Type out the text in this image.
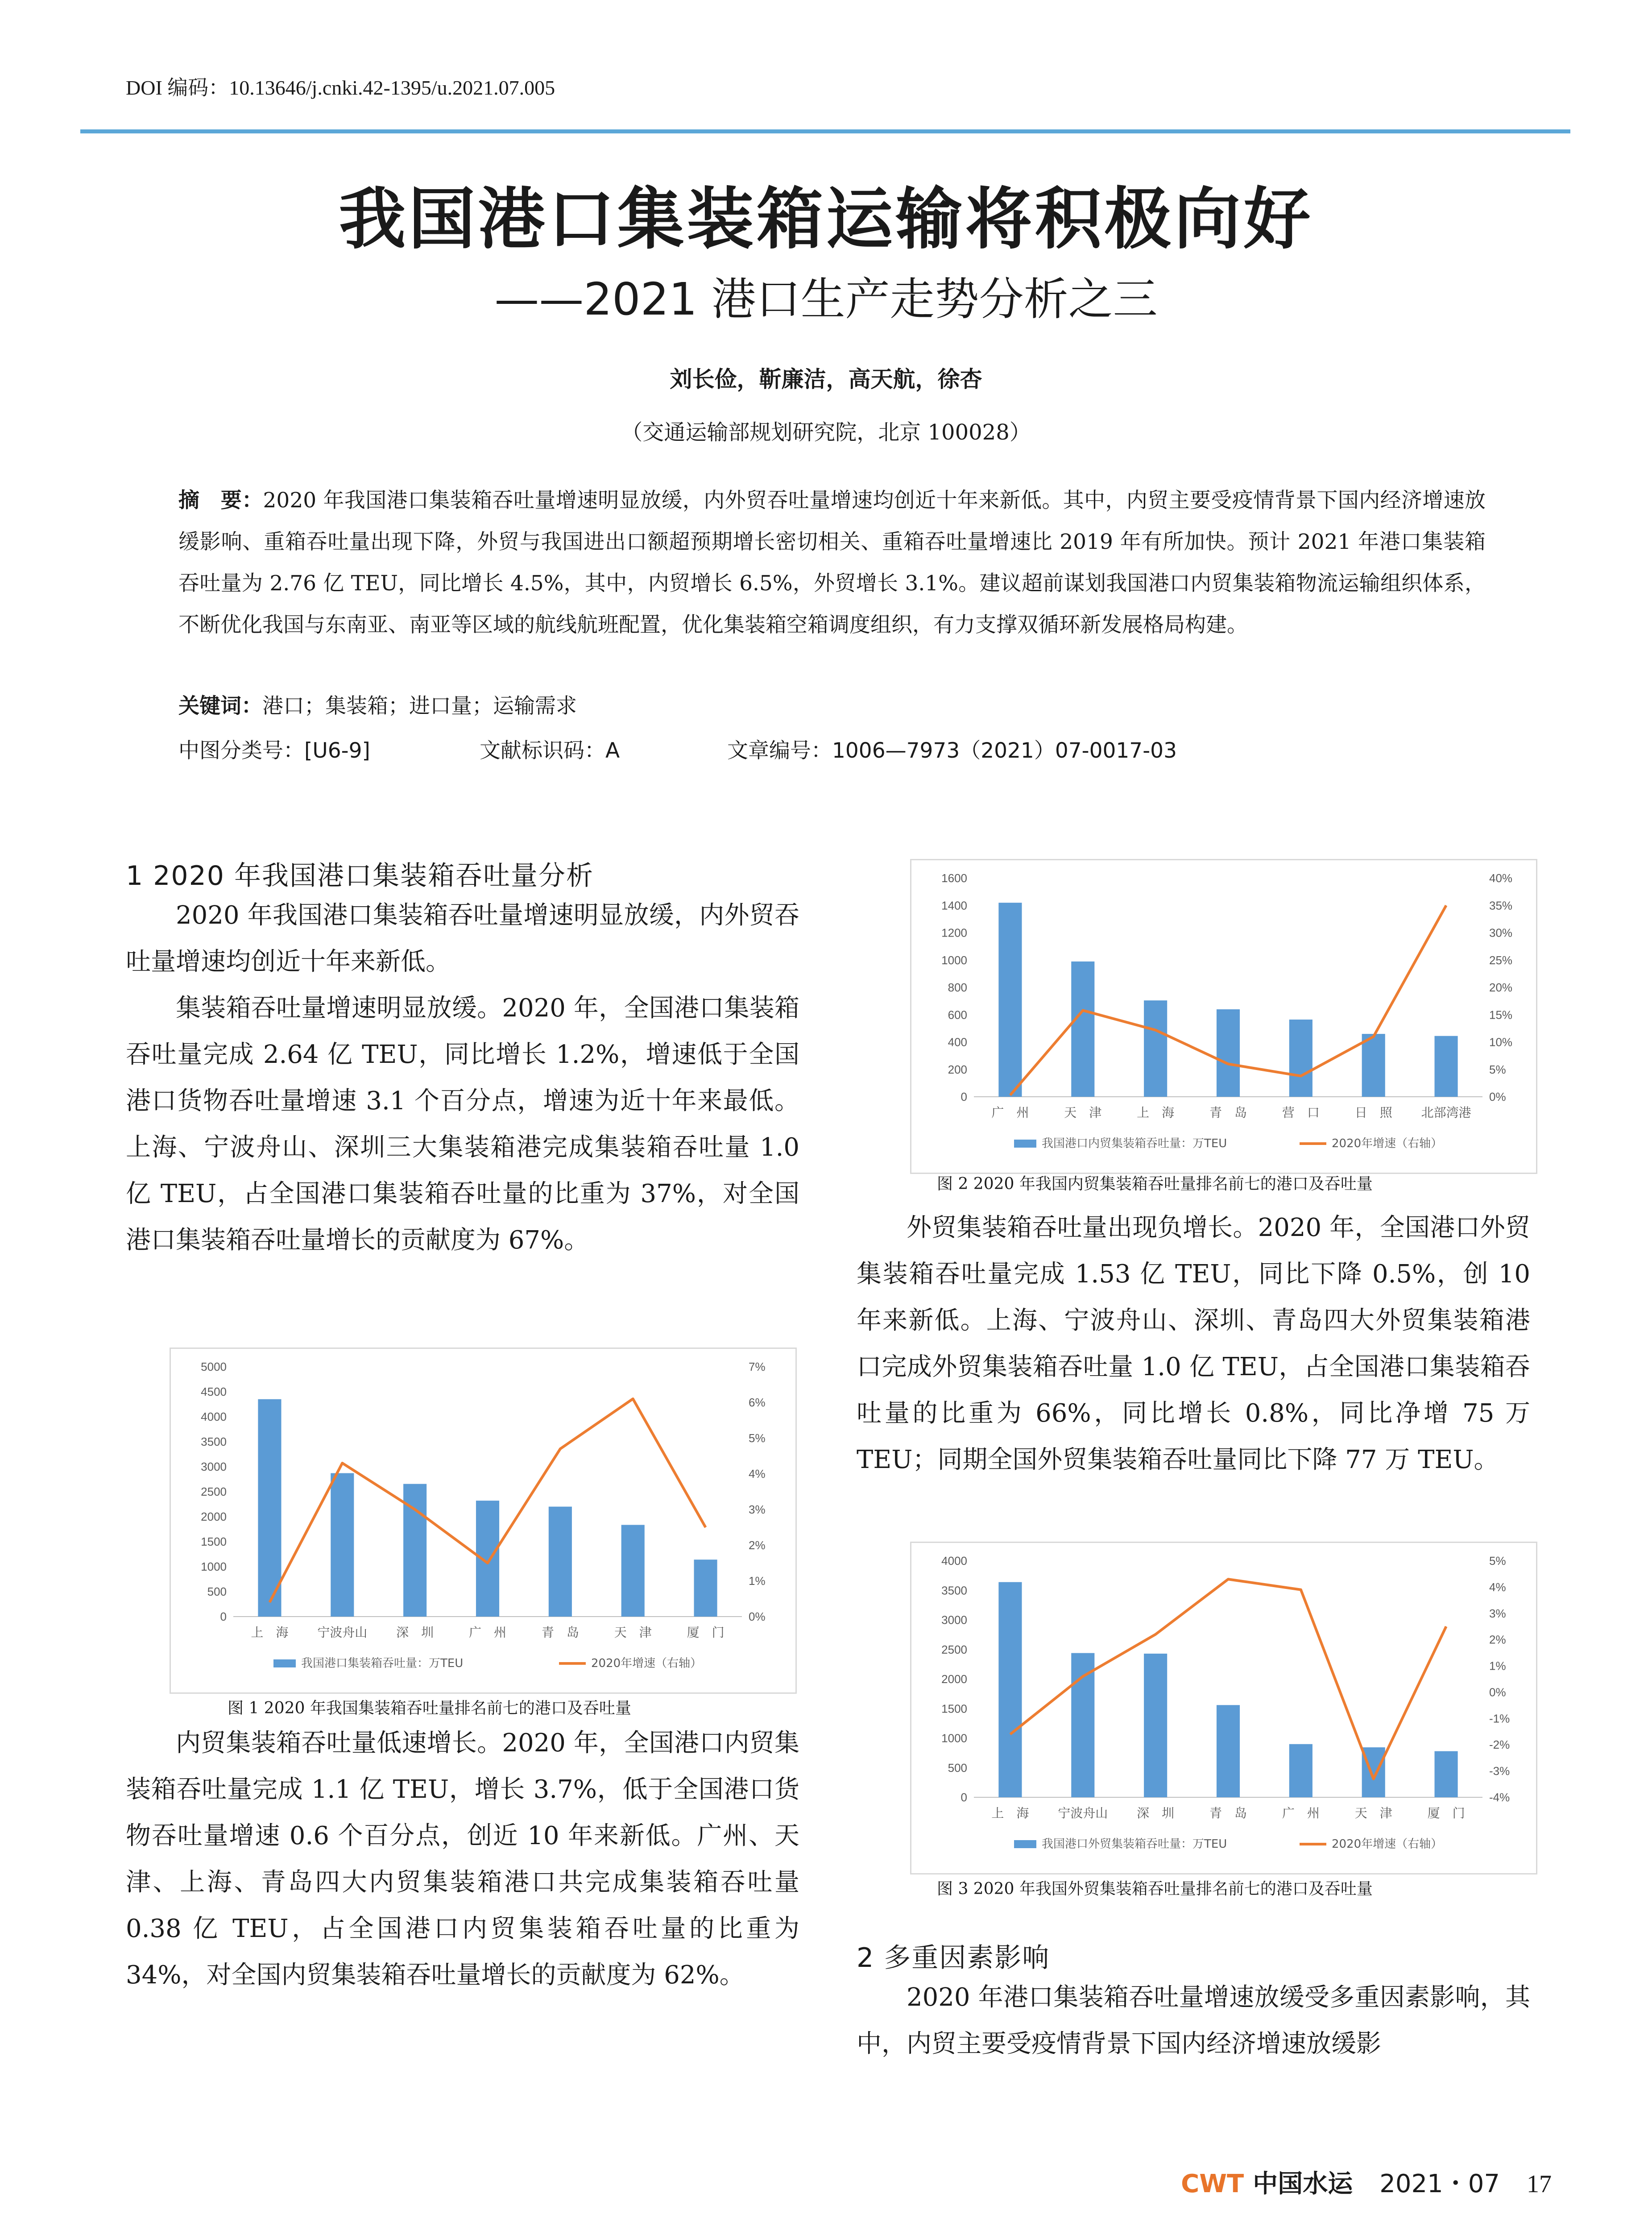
DOI 编码：10.13646/j.cnki.42-1395/u.2021.07.005
我国港口集装箱运输将积极向好
——2021 港口生产走势分析之三
刘长俭，靳廉洁，高天航，徐杏
（交通运输部规划研究院，北京 100028）
摘　要：2020 年我国港口集装箱吞吐量增速明显放缓，内外贸吞吐量增速均创近十年来新低。其中，内贸主要受疫情背景下国内经济增速放缓影响、重箱吞吐量出现下降，外贸与我国进出口额超预期增长密切相关、重箱吞吐量增速比 2019 年有所加快。预计 2021 年港口集装箱吞吐量为 2.76 亿 TEU，同比增长 4.5%，其中，内贸增长 6.5%，外贸增长 3.1%。建议超前谋划我国港口内贸集装箱物流运输组织体系，不断优化我国与东南亚、南亚等区域的航线航班配置，优化集装箱空箱调度组织，有力支撑双循环新发展格局构建。
关键词：港口；集装箱；进口量；运输需求
中图分类号：[U6-9]	文献标识码：A	文章编号：1006—7973（2021）07-0017-03
1 2020 年我国港口集装箱吞吐量分析

2020 年我国港口集装箱吞吐量增速明显放缓，内外贸吞吐量增速均创近十年来新低。

集装箱吞吐量增速明显放缓。2020 年，全国港口集装箱吞吐量完成 2.64 亿 TEU，同比增长 1.2%，增速低于全国港口货物吞吐量增速 3.1 个百分点，增速为近十年来最低。上海、宁波舟山、深圳三大集装箱港完成集装箱吞吐量 1.0 亿 TEU，占全国港口集装箱吞吐量的比重为 37%，对全国港口集装箱吞吐量增长的贡献度为 67%。

0
500
1000
1500
2000
2500
3000
3500
4000
4500
5000
0%
1%
2%
3%
4%
5%
6%
7%
上　海 宁波舟山 深　圳	广　州	青　岛	天　津	厦　门
我国港口集装箱吞吐量：万TEU	2020年增速（右轴）
图 1 2020 年我国集装箱吞吐量排名前七的港口及吞吐量

内贸集装箱吞吐量低速增长。2020 年，全国港口内贸集装箱吞吐量完成 1.1 亿 TEU，增长 3.7%，低于全国港口货物吞吐量增速 0.6 个百分点，创近 10 年来新低。广州、天津、上海、青岛四大内贸集装箱港口共完成集装箱吞吐量 0.38 亿 TEU，占全国港口内贸集装箱吞吐量的比重为 34%，对全国内贸集装箱吞吐量增长的贡献度为 62%。

0
200
400
600
800
1000
1200
1400
1600
0%
5%
10%
15%
20%
25%
30%
35%
40%
广　州	天　津	上　海	青　岛	营　口	日　照 北部湾港
我国港口内贸集装箱吞吐量：万TEU	2020年增速（右轴）
图 2 2020 年我国内贸集装箱吞吐量排名前七的港口及吞吐量

外贸集装箱吞吐量出现负增长。2020 年，全国港口外贸集装箱吞吐量完成 1.53 亿 TEU，同比下降 0.5%，创 10 年来新低。上海、宁波舟山、深圳、青岛四大外贸集装箱港口完成外贸集装箱吞吐量 1.0 亿 TEU，占全国港口集装箱吞吐量的比重为 66%，同比增长 0.8%，同比净增 75 万 TEU；同期全国外贸集装箱吞吐量同比下降 77 万 TEU。

0
500
1000
1500
2000
2500
3000
3500
4000
-4%
-3%
-2%
-1%
0%
1%
2%
3%
4%
5%
上　海 宁波舟山 深　圳	青　岛	广　州	天　津	厦　门
我国港口外贸集装箱吞吐量：万TEU	2020年增速（右轴）
图 3 2020 年我国外贸集装箱吞吐量排名前七的港口及吞吐量
2 多重因素影响

2020 年港口集装箱吞吐量增速放缓受多重因素影响，其中，内贸主要受疫情背景下国内经济增速放缓影

CWT 中国水运 2021・07 17
